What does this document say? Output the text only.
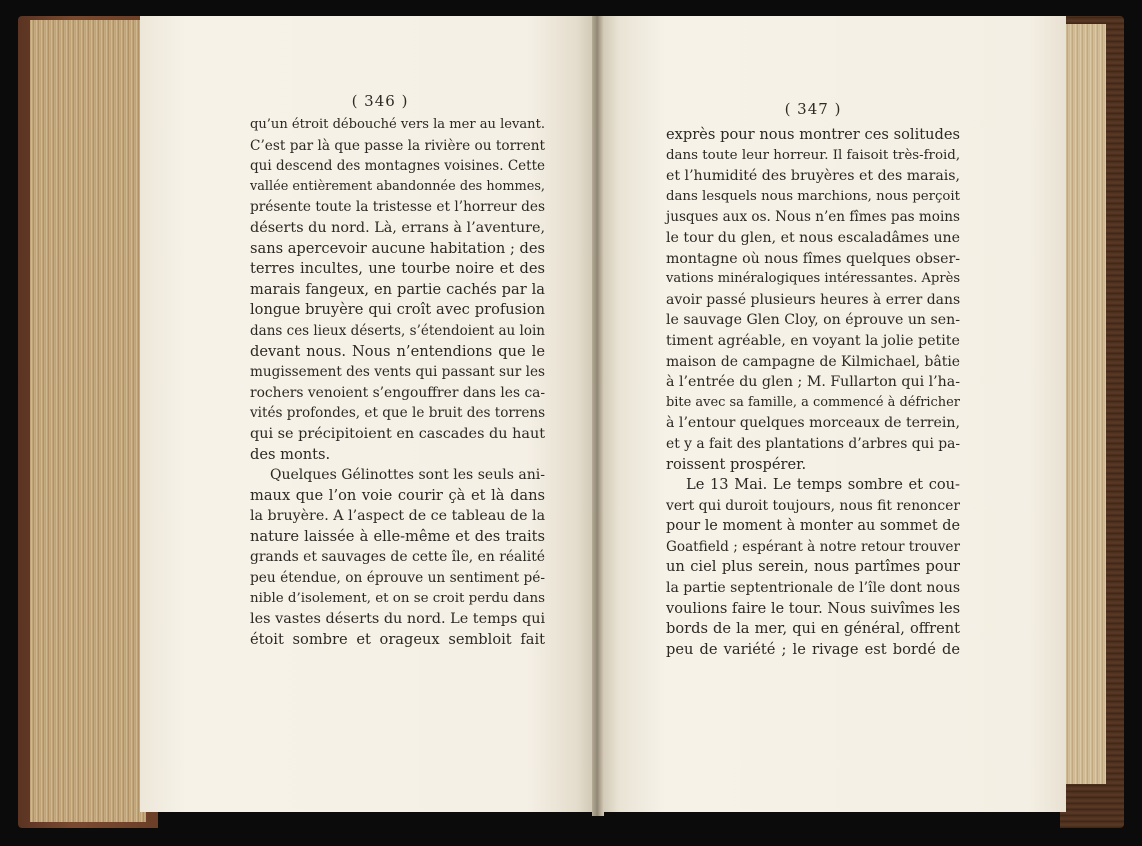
( 346 )
qu’un étroit débouché vers la mer au levant.
C’est par là que passe la rivière ou torrent
qui descend des montagnes voisines. Cette
vallée entièrement abandonnée des hommes,
présente toute la tristesse et l’horreur des
déserts du nord. Là, errans à l’aventure,
sans apercevoir aucune habitation ; des
terres incultes, une tourbe noire et des
marais fangeux, en partie cachés par la
longue bruyère qui croît avec profusion
dans ces lieux déserts, s’étendoient au loin
devant nous. Nous n’entendions que le
mugissement des vents qui passant sur les
rochers venoient s’engouffrer dans les ca-
vités profondes, et que le bruit des torrens
qui se précipitoient en cascades du haut
des monts.
Quelques Gélinottes sont les seuls ani-
maux que l’on voie courir çà et là dans
la bruyère. A l’aspect de ce tableau de la
nature laissée à elle-même et des traits
grands et sauvages de cette île, en réalité
peu étendue, on éprouve un sentiment pé-
nible d’isolement, et on se croit perdu dans
les vastes déserts du nord. Le temps qui
étoit sombre et orageux sembloit fait
( 347 )
exprès pour nous montrer ces solitudes
dans toute leur horreur. Il faisoit très-froid,
et l’humidité des bruyères et des marais,
dans lesquels nous marchions, nous perçoit
jusques aux os. Nous n’en fîmes pas moins
le tour du glen, et nous escaladâmes une
montagne où nous fîmes quelques obser-
vations minéralogiques intéressantes. Après
avoir passé plusieurs heures à errer dans
le sauvage Glen Cloy, on éprouve un sen-
timent agréable, en voyant la jolie petite
maison de campagne de Kilmichael, bâtie
à l’entrée du glen ; M. Fullarton qui l’ha-
bite avec sa famille, a commencé à défricher
à l’entour quelques morceaux de terrein,
et y a fait des plantations d’arbres qui pa-
roissent prospérer.
Le 13 Mai. Le temps sombre et cou-
vert qui duroit toujours, nous fit renoncer
pour le moment à monter au sommet de
Goatfield ; espérant à notre retour trouver
un ciel plus serein, nous partîmes pour
la partie septentrionale de l’île dont nous
voulions faire le tour. Nous suivîmes les
bords de la mer, qui en général, offrent
peu de variété ; le rivage est bordé de
